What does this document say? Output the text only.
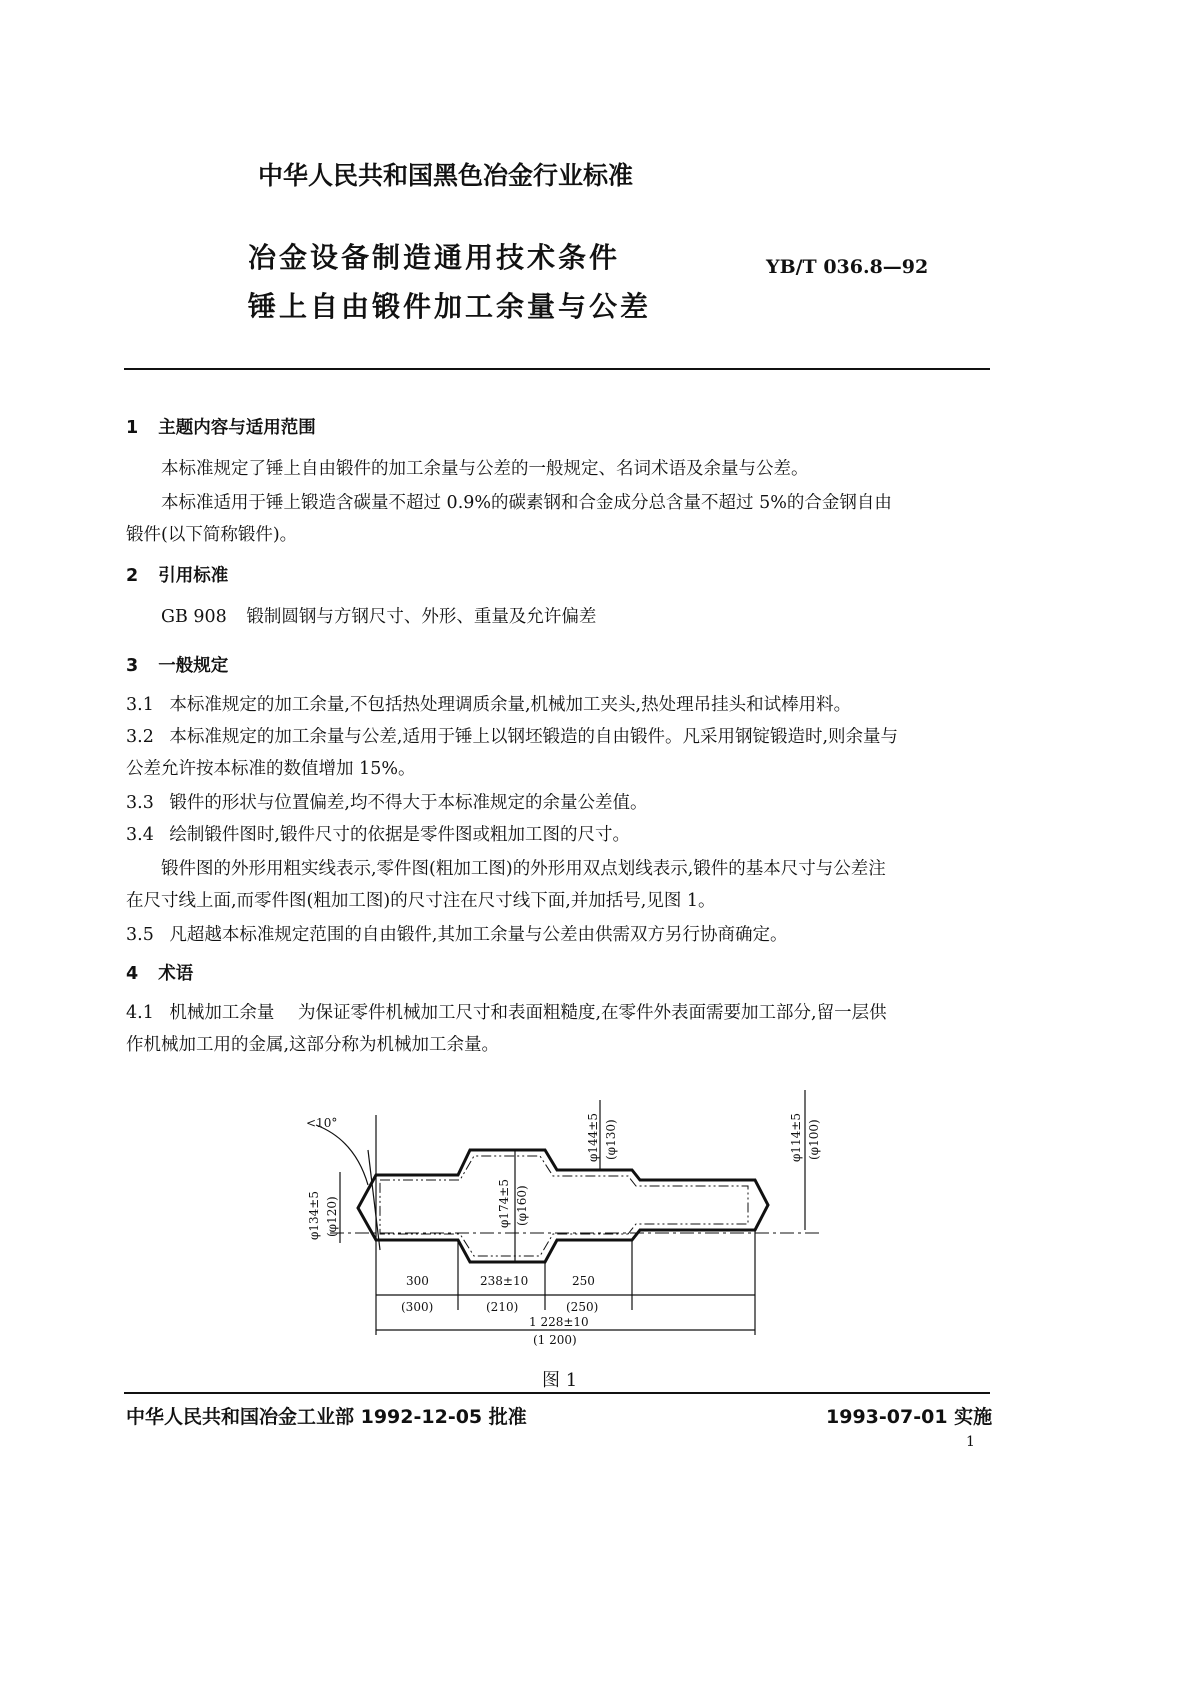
中华人民共和国黑色冶金行业标准
冶金设备制造通用技术条件
锤上自由锻件加工余量与公差
YB/T 036.8—92
1 主题内容与适用范围
本标准规定了锤上自由锻件的加工余量与公差的一般规定、名词术语及余量与公差。
本标准适用于锤上锻造含碳量不超过 0.9%的碳素钢和合金成分总含量不超过 5%的合金钢自由
锻件(以下简称锻件)。
2 引用标准
GB 908 锻制圆钢与方钢尺寸、外形、重量及允许偏差
3 一般规定
3.1 本标准规定的加工余量,不包括热处理调质余量,机械加工夹头,热处理吊挂头和试棒用料。
3.2 本标准规定的加工余量与公差,适用于锤上以钢坯锻造的自由锻件。凡采用钢锭锻造时,则余量与
公差允许按本标准的数值增加 15%。
3.3 锻件的形状与位置偏差,均不得大于本标准规定的余量公差值。
3.4 绘制锻件图时,锻件尺寸的依据是零件图或粗加工图的尺寸。
锻件图的外形用粗实线表示,零件图(粗加工图)的外形用双点划线表示,锻件的基本尺寸与公差注
在尺寸线上面,而零件图(粗加工图)的尺寸注在尺寸线下面,并加括号,见图 1。
3.5 凡超越本标准规定范围的自由锻件,其加工余量与公差由供需双方另行协商确定。
4 术语
4.1 机械加工余量 为保证零件机械加工尺寸和表面粗糙度,在零件外表面需要加工部分,留一层供
作机械加工用的金属,这部分称为机械加工余量。
<10°
φ134±5 (φ120)	φ174±5 (φ160)
φ144±5 (φ130)	φ114±5 (φ100)
300
(300)
238±10
(210)
250
(250)
1 228±10
(1 200)
图 1
中华人民共和国冶金工业部 1992-12-05 批准	1993-07-01 实施
1
